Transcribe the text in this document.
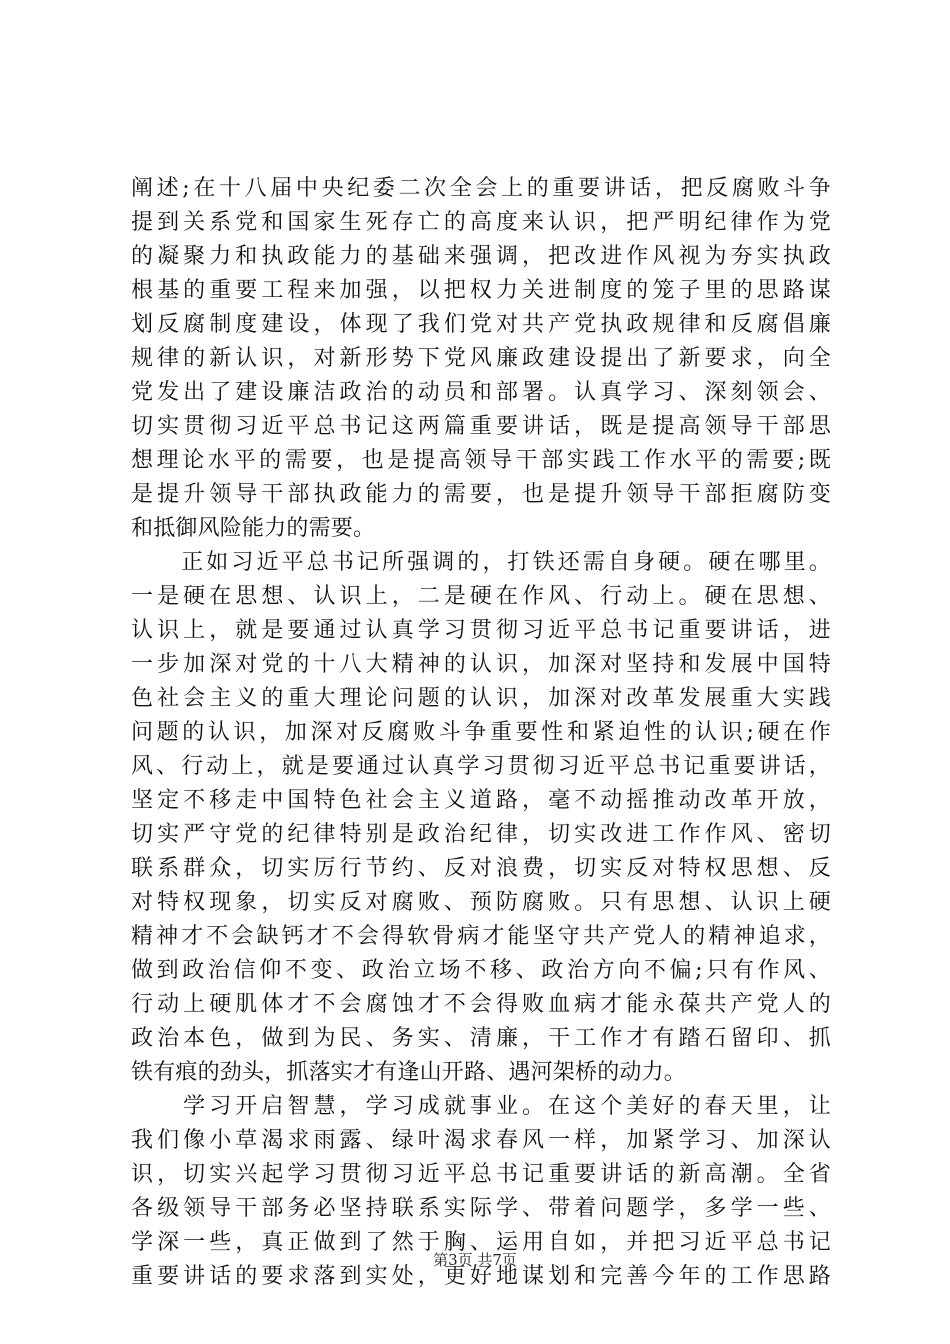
阐述;在十八届中央纪委二次全会上的重要讲话，把反腐败斗争
提到关系党和国家生死存亡的高度来认识，把严明纪律作为党
的凝聚力和执政能力的基础来强调，把改进作风视为夯实执政
根基的重要工程来加强，以把权力关进制度的笼子里的思路谋
划反腐制度建设，体现了我们党对共产党执政规律和反腐倡廉
规律的新认识，对新形势下党风廉政建设提出了新要求，向全
党发出了建设廉洁政治的动员和部署。认真学习、深刻领会、
切实贯彻习近平总书记这两篇重要讲话，既是提高领导干部思
想理论水平的需要，也是提高领导干部实践工作水平的需要;既
是提升领导干部执政能力的需要，也是提升领导干部拒腐防变
和抵御风险能力的需要。
　　正如习近平总书记所强调的，打铁还需自身硬。硬在哪里。
一是硬在思想、认识上，二是硬在作风、行动上。硬在思想、
认识上，就是要通过认真学习贯彻习近平总书记重要讲话，进
一步加深对党的十八大精神的认识，加深对坚持和发展中国特
色社会主义的重大理论问题的认识，加深对改革发展重大实践
问题的认识，加深对反腐败斗争重要性和紧迫性的认识;硬在作
风、行动上，就是要通过认真学习贯彻习近平总书记重要讲话，
坚定不移走中国特色社会主义道路，毫不动摇推动改革开放，
切实严守党的纪律特别是政治纪律，切实改进工作作风、密切
联系群众，切实厉行节约、反对浪费，切实反对特权思想、反
对特权现象，切实反对腐败、预防腐败。只有思想、认识上硬
精神才不会缺钙才不会得软骨病才能坚守共产党人的精神追求，
做到政治信仰不变、政治立场不移、政治方向不偏;只有作风、
行动上硬肌体才不会腐蚀才不会得败血病才能永葆共产党人的
政治本色，做到为民、务实、清廉，干工作才有踏石留印、抓
铁有痕的劲头，抓落实才有逢山开路、遇河架桥的动力。
　　学习开启智慧，学习成就事业。在这个美好的春天里，让
我们像小草渴求雨露、绿叶渴求春风一样，加紧学习、加深认
识，切实兴起学习贯彻习近平总书记重要讲话的新高潮。全省
各级领导干部务必坚持联系实际学、带着问题学，多学一些、
学深一些，真正做到了然于胸、运用自如，并把习近平总书记
重要讲话的要求落到实处，更好地谋划和完善今年的工作思路
第3页 共7页
